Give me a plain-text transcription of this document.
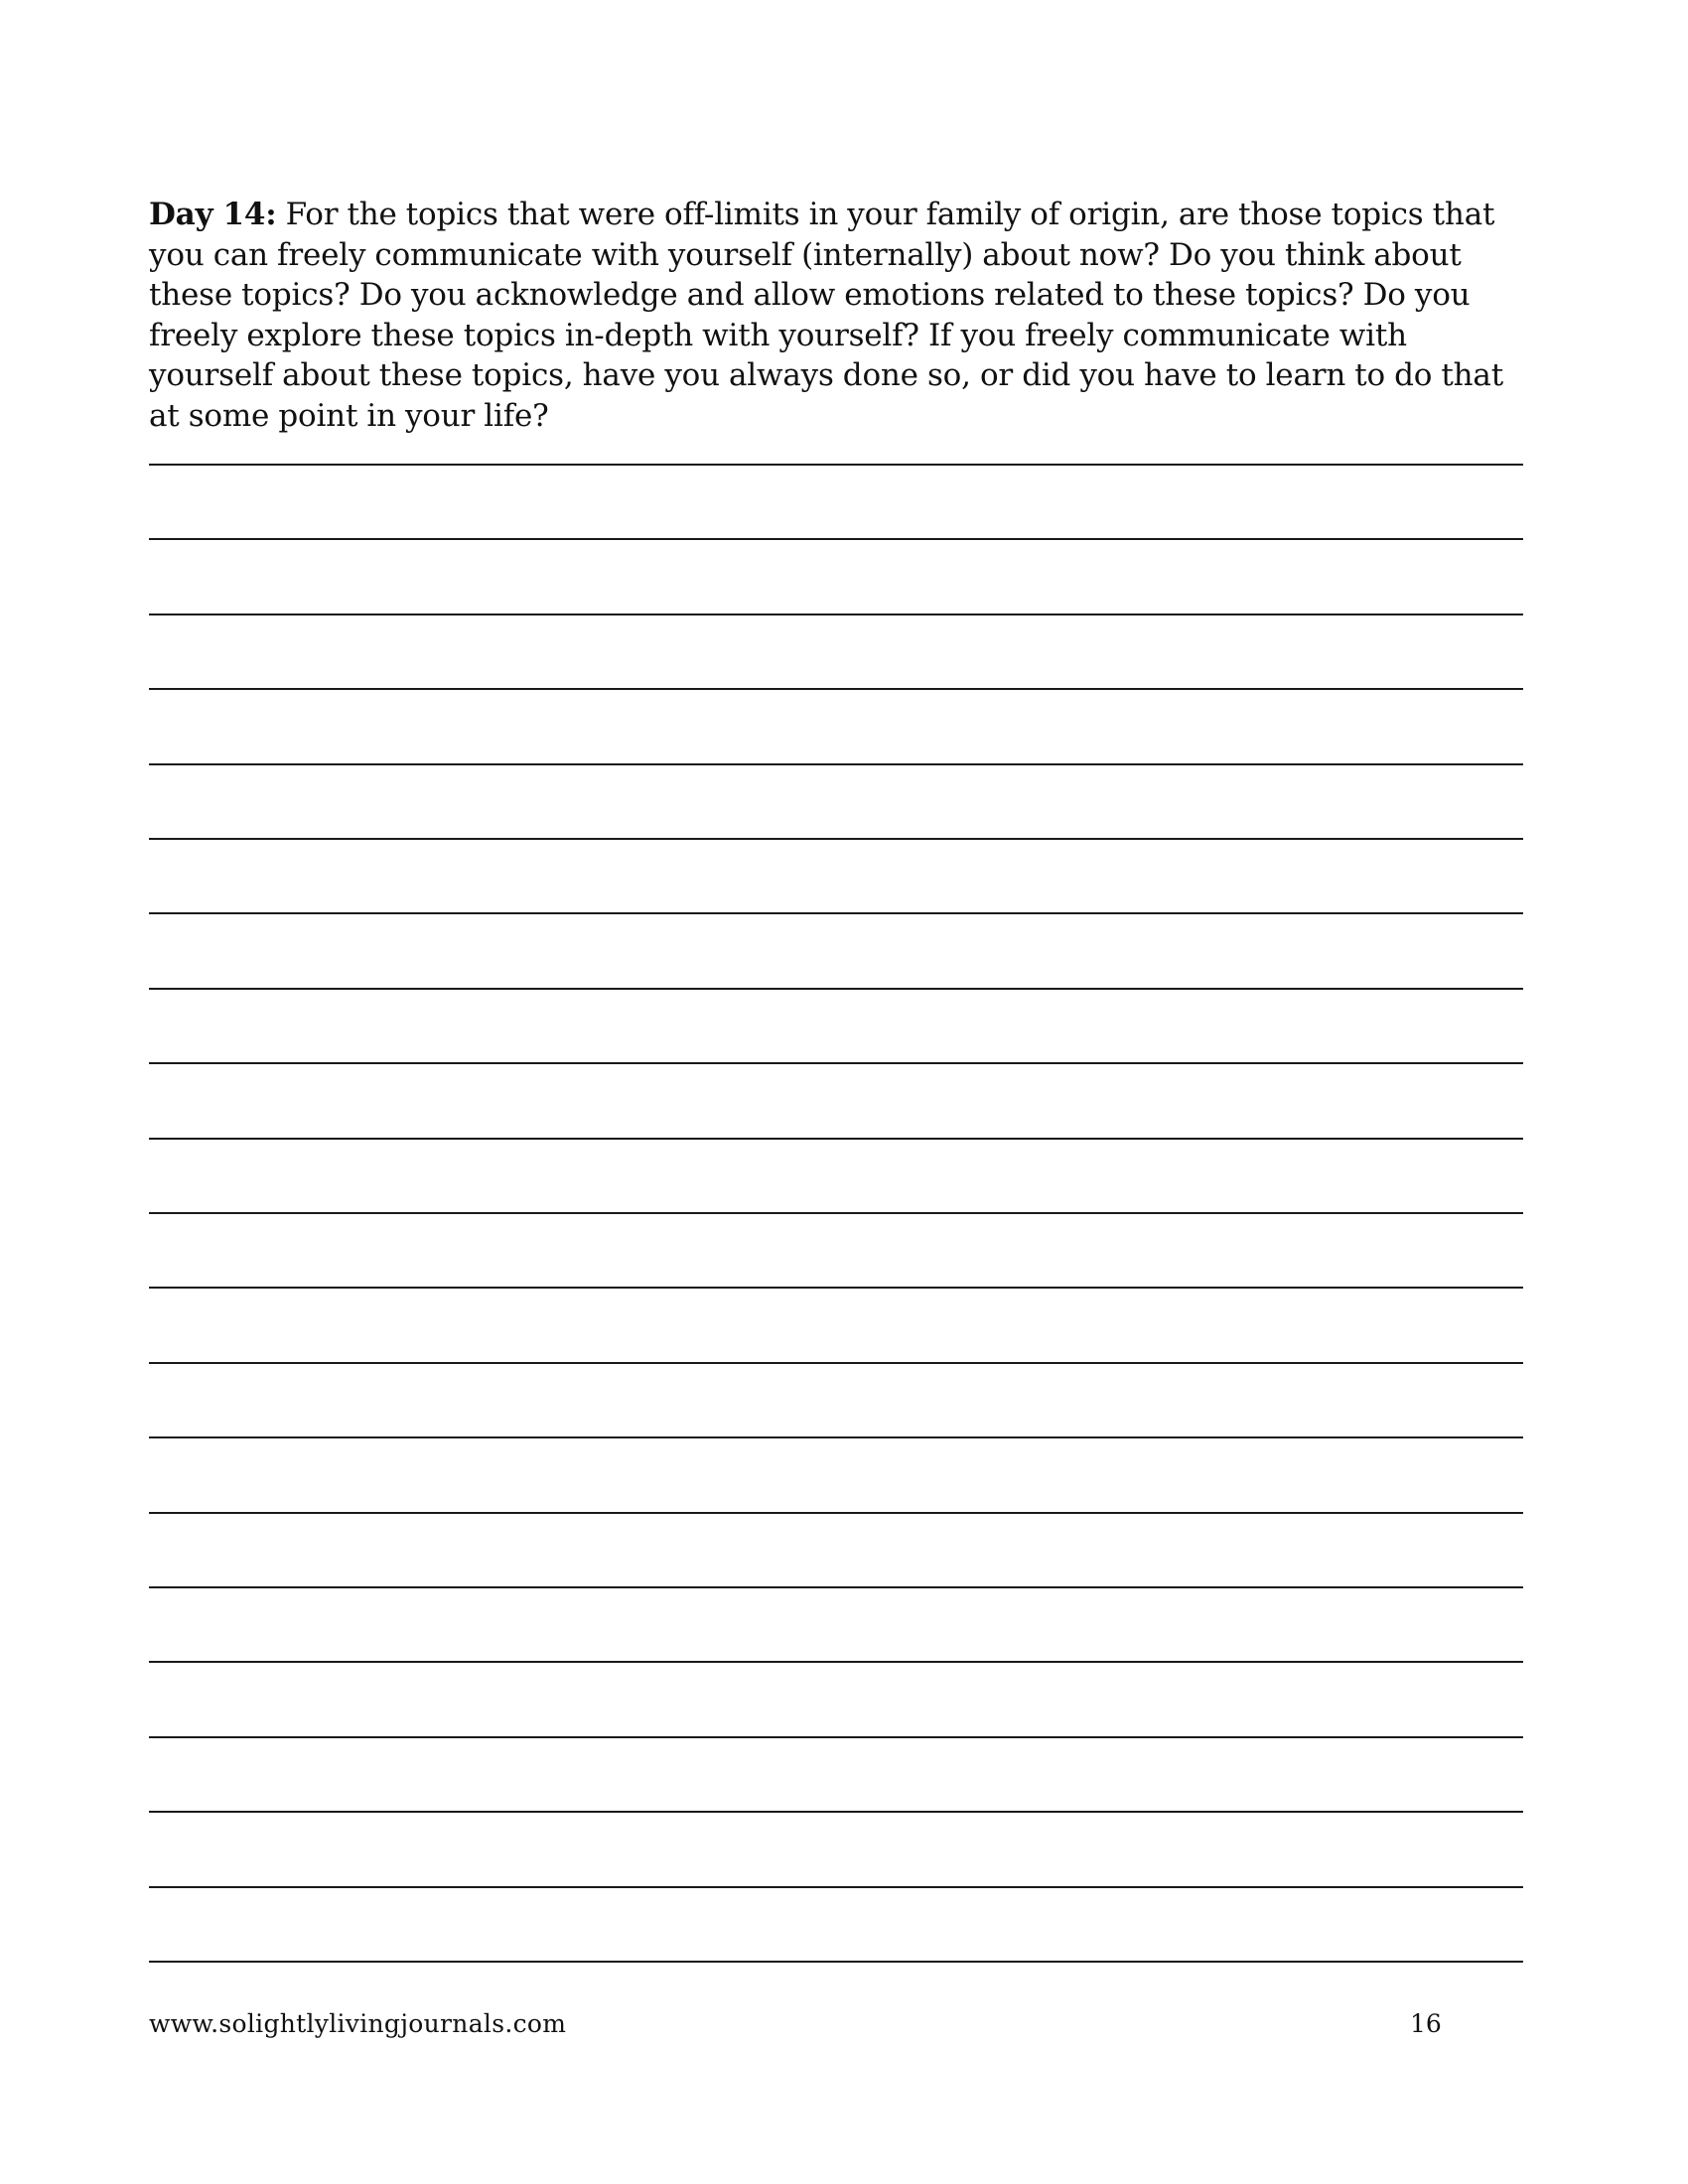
Day 14: For the topics that were off-limits in your family of origin, are those topics that you can freely communicate with yourself (internally) about now? Do you think about these topics? Do you acknowledge and allow emotions related to these topics? Do you freely explore these topics in-depth with yourself? If you freely communicate with yourself about these topics, have you always done so, or did you have to learn to do that at some point in your life?
www.solightlylivingjournals.com	16
